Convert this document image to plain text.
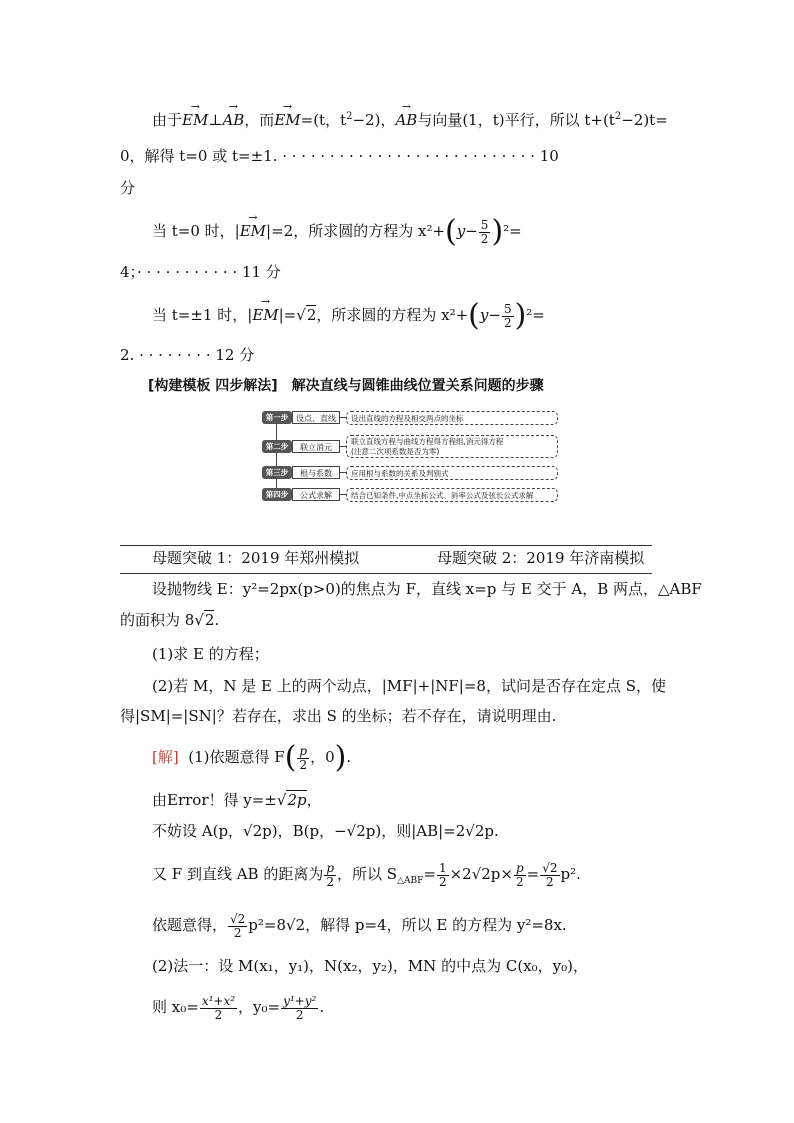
由于→ EM⊥→ AB，而→ EM=(t，$t^2-2$)，→ AB与向量(1，t)平行，所以 $t+(t^2-2)t=$
0，解得 t=0 或 t=±1. · · · · · · · · · · · · · · · · · · · · · · · · · · · 10
分
当 t=0 时，|→ EM|=2，所求圆的方程为 $x^2+(y- \frac{5}{2} )^2=$
4；· · · · · · · · · · · 11 分
当 t=±1 时，|→ EM|=√2，所求圆的方程为 $x^2+(y- \frac{5}{2} )^2=$
2. · · · · · · · · 12 分
[构建模板 四步解法]　解决直线与圆锥曲线位置关系问题的步骤
第一步 设点、直线	设出直线的方程及相交两点的坐标
第二步	联立消元
联立直线方程与曲线方程得方程组,消元得方程
(注意二次项系数是否为零)
第三步	根与系数	应用根与系数的关系及判别式
第四步	公式求解	结合已知条件,中点坐标公式、斜率公式及弦长公式求解
母题突破 1：2019 年郑州模拟	母题突破 2：2019 年济南模拟
设抛物线 E：y²=2px(p>0)的焦点为 F，直线 x=p 与 E 交于 A，B 两点，△ABF
的面积为 8√2.
(1)求 E 的方程；
(2)若 M，N 是 E 上的两个动点，|MF|+|NF|=8，试问是否存在定点 S，使
得|SM|=|SN|？若存在，求出 S 的坐标；若不存在，请说明理由.
[解] (1)依题意得 $F( \frac{p}{2}$ ，0).
由Error！得 y=±√2p，
不妨设 A(p，√2p)，B(p，−√2p)，则|AB|=2√2p.
又 F 到直线 AB 的距离为 $\frac{p}{2}$ ，所以 $S_{\triangle ABF}= \frac{1}{2} \times 2√2p\times \frac{p}{2} = \frac{√2}{2} p^2$.
依题意得， $\frac{√2}{2} p^2=8√2$，解得 p=4，所以 E 的方程为 y²=8x.
(2)法一：设 M(x₁，y₁)，N(x₂，y₂)，MN 的中点为 C(x₀，y₀)，
则 $x_0= \frac{\text{x¹+x²}}{2}$ ，$y_0= \frac{\text{y¹+y²}}{2}$ .
